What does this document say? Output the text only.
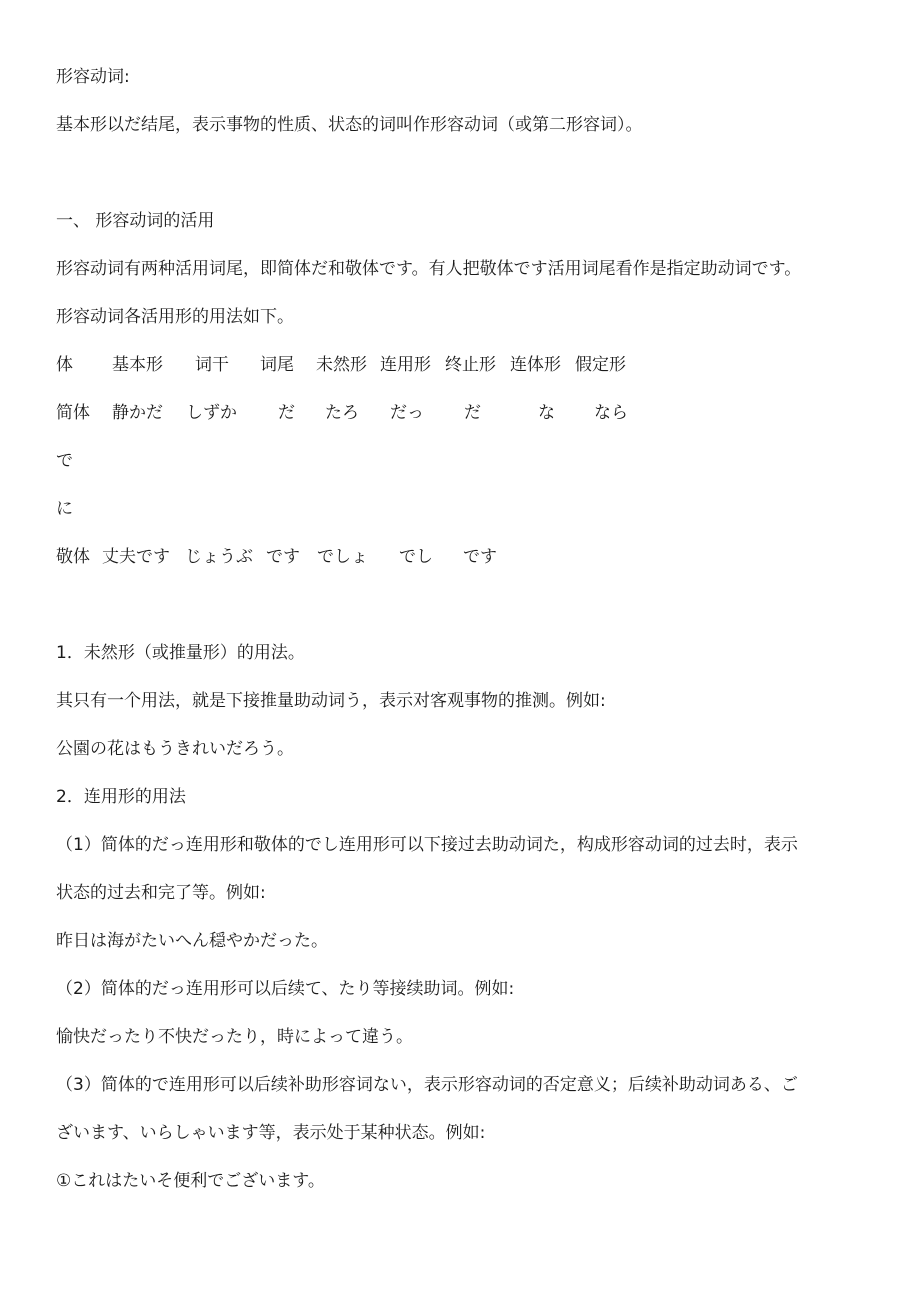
形容动词:
基本形以だ结尾，表示事物的性质、状态的词叫作形容动词（或第二形容词）。
一、 形容动词的活用
形容动词有两种活用词尾，即简体だ和敬体です。有人把敬体です活用词尾看作是指定助动词です。
形容动词各活用形的用法如下。
体 基本形 词干 词尾 未然形 连用形 终止形 连体形 假定形
简体 静かだ しずか だ たろ だっ だ	な なら
で
に
敬体 丈夫です じょうぶ です でしょ でし です
1．未然形（或推量形）的用法。
其只有一个用法，就是下接推量助动词う，表示对客观事物的推测。例如:
公園の花はもうきれいだろう。
2．连用形的用法
（1）简体的だっ连用形和敬体的でし连用形可以下接过去助动词た，构成形容动词的过去时，表示
状态的过去和完了等。例如:
昨日は海がたいへん穏やかだった。
（2）简体的だっ连用形可以后续て、たり等接续助词。例如:
愉快だったり不快だったり，時によって違う。
（3）简体的で连用形可以后续补助形容词ない，表示形容动词的否定意义；后续补助动词ある、ご
ざいます、いらしゃいます等，表示处于某种状态。例如:
①これはたいそ便利でございます。
